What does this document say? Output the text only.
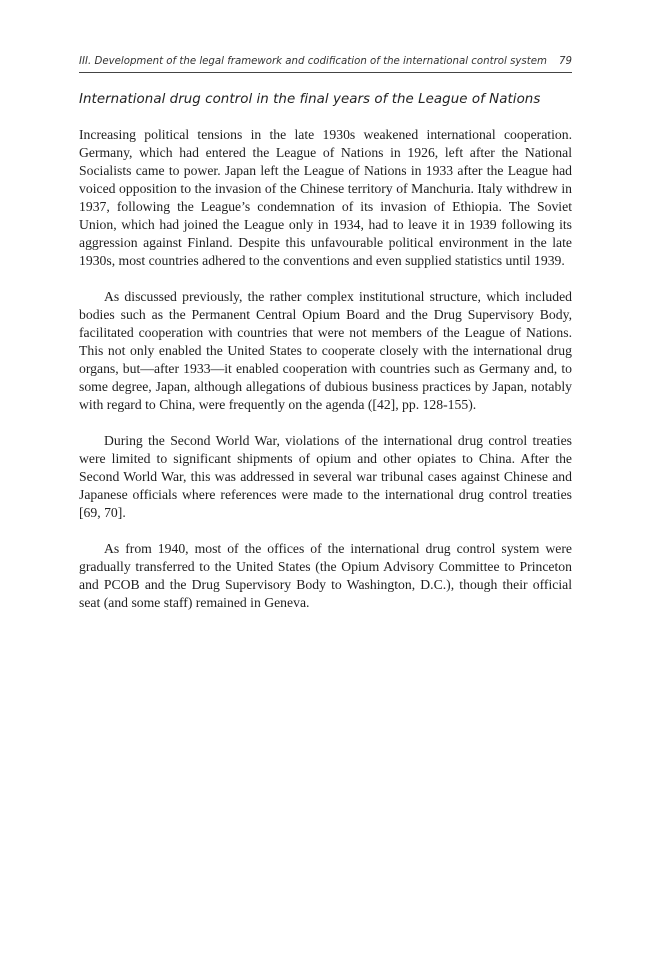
III. Development of the legal framework and codification of the international control system 79
International drug control in the final years of the League of Nations

Increasing political tensions in the late 1930s weakened international cooperation. Germany, which had entered the League of Nations in 1926, left after the National Socialists came to power. Japan left the League of Nations in 1933 after the League had voiced opposition to the invasion of the Chinese territory of Manchuria. Italy withdrew in 1937, following the League’s condemnation of its invasion of Ethiopia. The Soviet Union, which had joined the League only in 1934, had to leave it in 1939 following its aggression against Finland. Despite this unfavourable political environment in the late 1930s, most countries adhered to the conventions and even supplied statistics until 1939.

As discussed previously, the rather complex institutional structure, which included bodies such as the Permanent Central Opium Board and the Drug Supervisory Body, facilitated cooperation with countries that were not members of the League of Nations. This not only enabled the United States to cooperate closely with the international drug organs, but—after 1933—it enabled cooperation with countries such as Germany and, to some degree, Japan, although allegations of dubious business practices by Japan, notably with regard to China, were frequently on the agenda ([42], pp. 128-155).

During the Second World War, violations of the international drug control treaties were limited to significant shipments of opium and other opiates to China. After the Second World War, this was addressed in several war tribunal cases against Chinese and Japanese officials where references were made to the international drug control treaties [69, 70].

As from 1940, most of the offices of the international drug control system were gradually transferred to the United States (the Opium Advisory Committee to Princeton and PCOB and the Drug Supervisory Body to Washington, D.C.), though their official seat (and some staff) remained in Geneva.
